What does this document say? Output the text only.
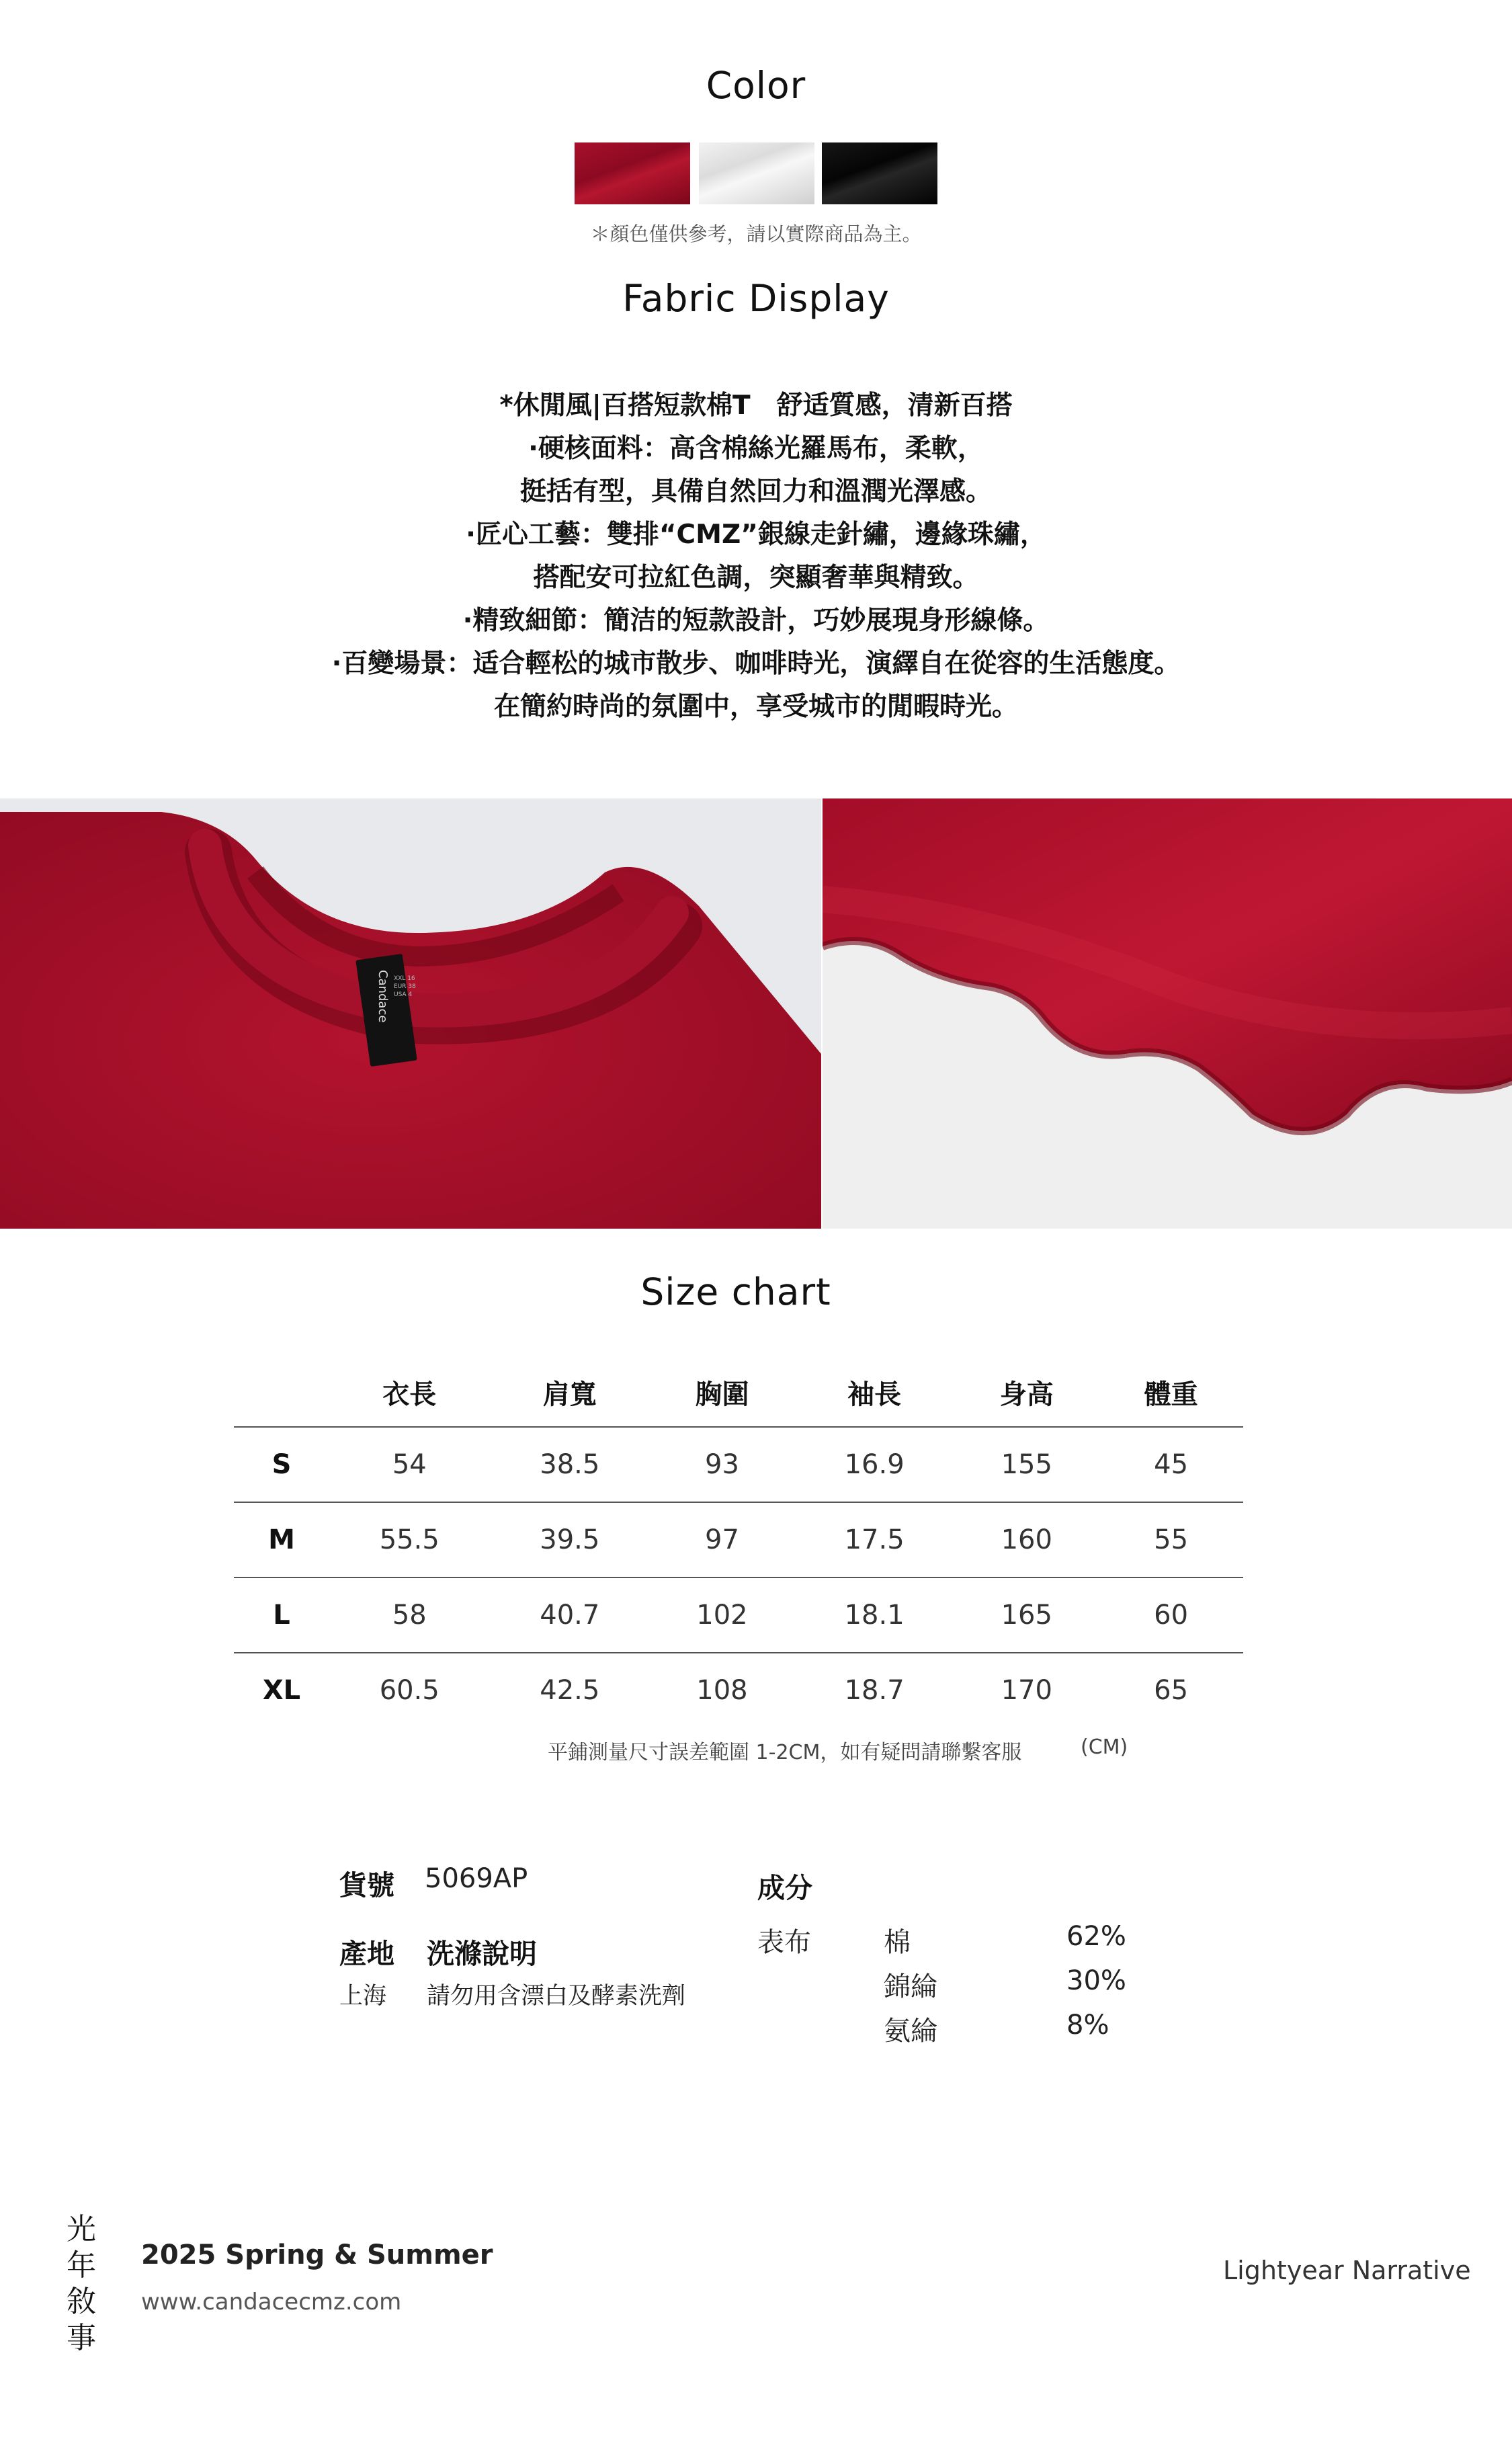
Color
＊顏色僅供參考，請以實際商品為主。
Fabric Display
*休閒風|百搭短款棉T　舒适質感，清新百搭
·硬核面料：高含棉絲光羅馬布，柔軟，
挺括有型，具備自然回力和溫潤光澤感。
·匠心工藝：雙排“CMZ”銀線走針繡，邊緣珠繡，
搭配安可拉紅色調，突顯奢華與精致。
·精致細節：簡洁的短款設計，巧妙展現身形線條。
·百變場景：适合輕松的城市散步、咖啡時光，演繹自在從容的生活態度。
在簡約時尚的氛圍中，享受城市的閒暇時光。
Candace XXL 16
EUR 38
USA 4
Size chart
	衣長	肩寬	胸圍	袖長	身高	體重
S	54	38.5	93	16.9	155	45
M	55.5	39.5	97	17.5	160	55
L	58	40.7	102	18.1	165	60
XL	60.5	42.5	108	18.7	170	65
平鋪測量尺寸誤差範圍 1-2CM，如有疑問請聯繫客服	(CM)
貨號 5069AP
產地 洗滌說明
上海 請勿用含漂白及酵素洗劑
成分
表布	棉	62%
錦綸	30%
氨綸	8%
光
年
敘
事
2025 Spring & Summer
www.candacecmz.com
Lightyear Narrative
